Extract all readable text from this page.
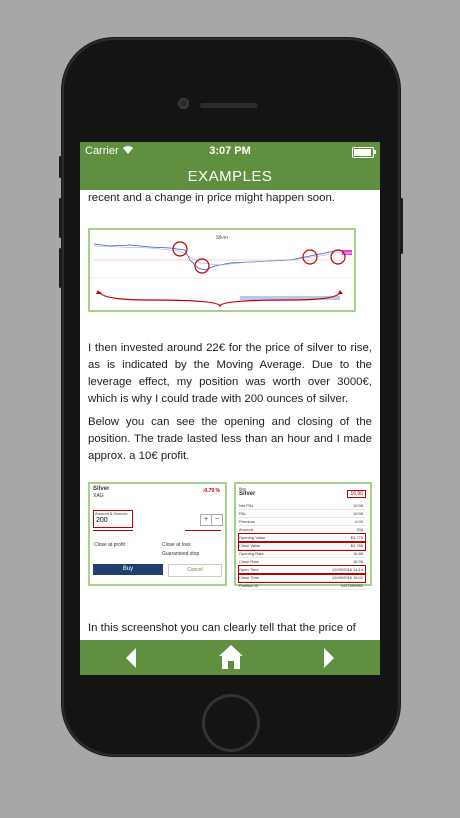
Carrier	3:07 PM
EXAMPLES

recent and a change in price might happen soon.

Silver
16.960

I then invested around 22€ for the price of silver to rise, as is indicated by the Moving Average. Due to the leverage effect, my position was worth over 3000€, which is why I could trade with 200 ounces of silver.

Below you can see the opening and closing of the position. The trade lasted less than an hour and I made approx. a 10€ profit.

Silver
XAG
-0.79 %
Amount & Ounces
200	+ −
Close at profit	Close at loss
Guaranteed stop
Buy	Cancel
Buy
Silver	16.96
Net P&L	10.98
P&L	10.98
Premium	-0.00
Amount	200
Opening Value	$3,775
Close Value	$3,786
Opening Rate	16.88
Close Rate	16.96
Open Time	12/09/2016 14:14
Close Time	12/09/2016 15:02
Position ID	1027300991

In this screenshot you can clearly tell that the price of
